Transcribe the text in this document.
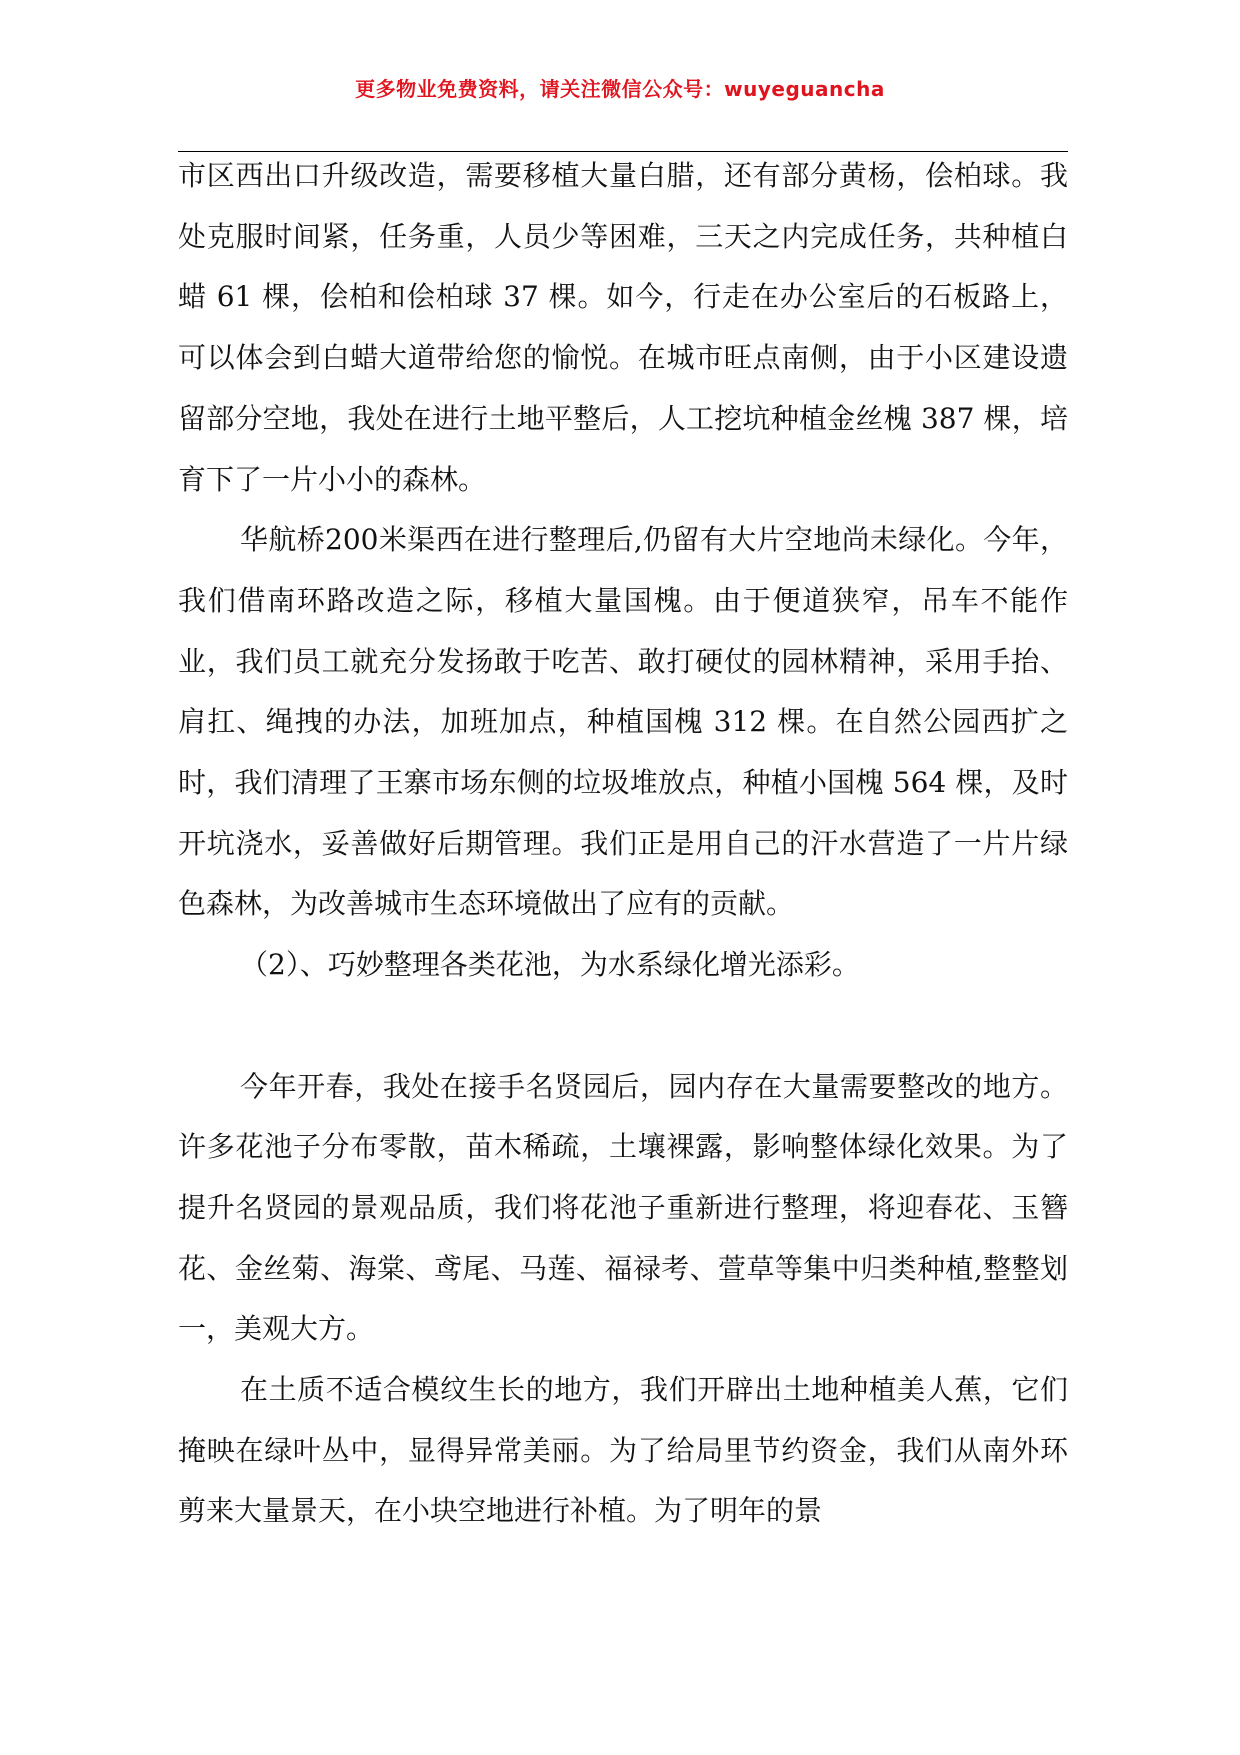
更多物业免费资料，请关注微信公众号：wuyeguancha

市区西出口升级改造，需要移植大量白腊，还有部分黄杨，侩柏球。我处克服时间紧，任务重，人员少等困难，三天之内完成任务，共种植白蜡 61 棵，侩柏和侩柏球 37 棵。如今，行走在办公室后的石板路上，可以体会到白蜡大道带给您的愉悦。在城市旺点南侧，由于小区建设遗留部分空地，我处在进行土地平整后，人工挖坑种植金丝槐 387 棵，培育下了一片小小的森林。

华航桥200米渠西在进行整理后,仍留有大片空地尚未绿化。今年，我们借南环路改造之际，移植大量国槐。由于便道狭窄，吊车不能作业，我们员工就充分发扬敢于吃苦、敢打硬仗的园林精神，采用手抬、肩扛、绳拽的办法，加班加点，种植国槐 312 棵。在自然公园西扩之时，我们清理了王寨市场东侧的垃圾堆放点，种植小国槐 564 棵，及时开坑浇水，妥善做好后期管理。我们正是用自己的汗水营造了一片片绿色森林，为改善城市生态环境做出了应有的贡献。

（2）、巧妙整理各类花池，为水系绿化增光添彩。

今年开春，我处在接手名贤园后，园内存在大量需要整改的地方。许多花池子分布零散，苗木稀疏，土壤裸露，影响整体绿化效果。为了提升名贤园的景观品质，我们将花池子重新进行整理，将迎春花、玉簪花、金丝菊、海棠、鸢尾、马莲、福禄考、萱草等集中归类种植,整整划一，美观大方。

在土质不适合模纹生长的地方，我们开辟出土地种植美人蕉，它们掩映在绿叶丛中，显得异常美丽。为了给局里节约资金，我们从南外环剪来大量景天，在小块空地进行补植。为了明年的景
